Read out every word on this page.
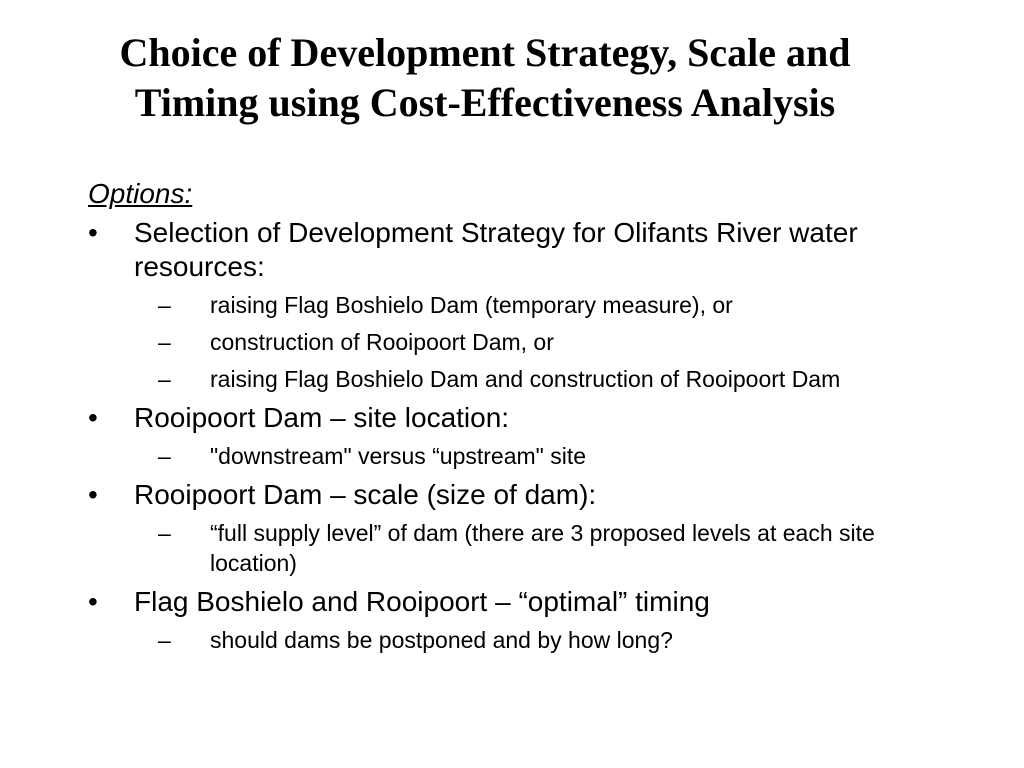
Choice of Development Strategy, Scale and
Timing using Cost-Effectiveness Analysis
Options:
• Selection of Development Strategy for Olifants River water resources:
– raising Flag Boshielo Dam (temporary measure), or
– construction of Rooipoort Dam, or
– raising Flag Boshielo Dam and construction of Rooipoort Dam
• Rooipoort Dam – site location:
– "downstream" versus “upstream" site
• Rooipoort Dam – scale (size of dam):
– “full supply level” of dam (there are 3 proposed levels at each site location)
• Flag Boshielo and Rooipoort – “optimal” timing
– should dams be postponed and by how long?
